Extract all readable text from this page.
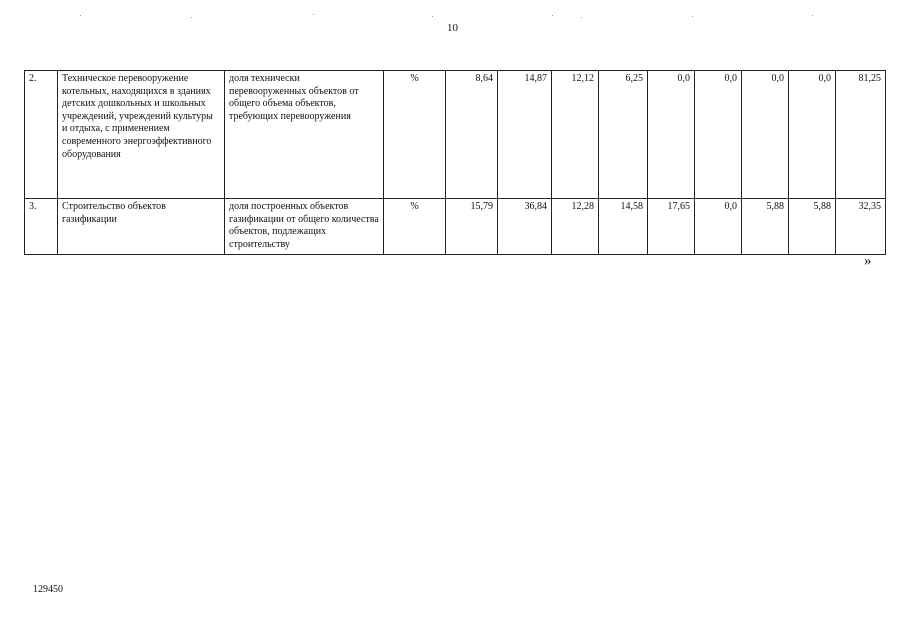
10
2.	Техническое перевооружение котельных, находящихся в зданиях детских дошкольных и школьных учреждений, учреждений культуры и отдыха, с применением современного энергоэффективного оборудования	доля технически перевооруженных объектов от общего объема объектов, требующих перевооружения	%	8,64	14,87	12,12	6,25	0,0	0,0	0,0	0,0	81,25
3.	Строительство объектов газификации	доля построенных объектов газификации от общего количества объектов, подлежащих строительству	%	15,79	36,84	12,28	14,58	17,65	0,0	5,88	5,88	32,35
»
129450
